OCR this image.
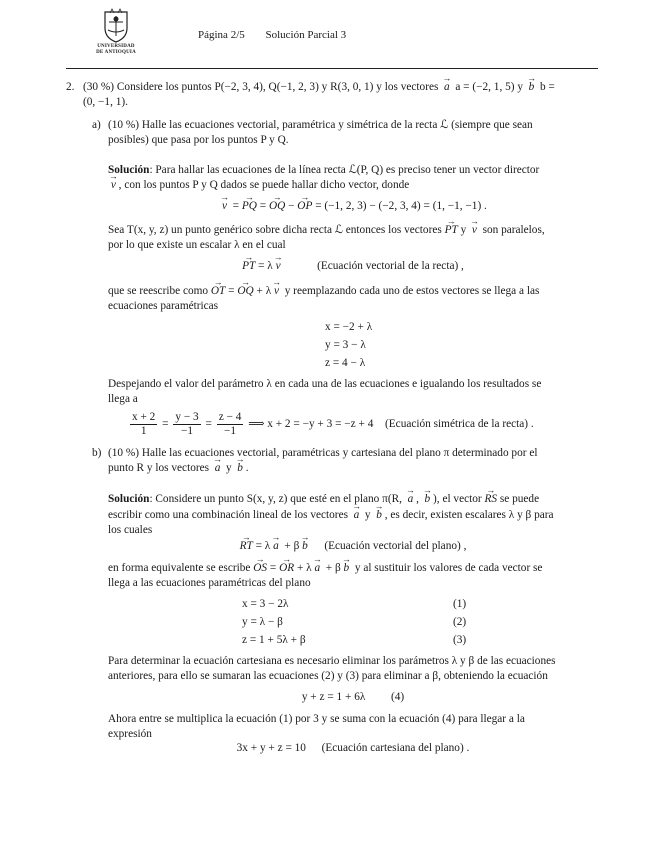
UNIVERSIDAD
DE ANTIOQUIA
Página 2/5 Solución Parcial 3
2. (30 %) Considere los puntos P(−2, 3, 4), Q(−1, 2, 3) y R(3, 0, 1) y los vectores →  a  a = (−2, 1, 5) y →  b  b =
(0, −1, 1).
a) (10 %) Halle las ecuaciones vectorial, paramétrica y simétrica de la recta ℒ (siempre que sean
posibles) que pasa por los puntos P y Q.
Solución: Para hallar las ecuaciones de la línea recta ℒ(P, Q) es preciso tener un vector director
→  v , con los puntos P y Q dados se puede hallar dicho vector, donde
→  v  = → PQ = → OQ − → OP = (−1, 2, 3) − (−2, 3, 4) = (1, −1, −1) .
Sea T(x, y, z) un punto genérico sobre dicha recta ℒ entonces los vectores → PT y →  v  son paralelos,
por lo que existe un escalar λ en el cual
→ PT = λ→  v	(Ecuación vectorial de la recta) ,
que se reescribe como → OT = → OQ + λ→  v  y reemplazando cada uno de estos vectores se llega a las
ecuaciones paramétricas
x = −2 + λ
y = 3 − λ
z = 4 − λ
Despejando el valor del parámetro λ en cada una de las ecuaciones e igualando los resultados se
llega a
$\frac{x + 2}{1} = \frac{y - 3}{-1} = \frac{z - 4}{-1}$ ⟹ x + 2 = −y + 3 = −z + 4 (Ecuación simétrica de la recta) .
b) (10 %) Halle las ecuaciones vectorial, paramétricas y cartesiana del plano π determinado por el
punto R y los vectores →  a  y →  b .
Solución: Considere un punto S(x, y, z) que esté en el plano π(R, →  a , →  b ), el vector → RS se puede
escribir como una combinación lineal de los vectores →  a  y →  b , es decir, existen escalares λ y β para
los cuales
→ RT = λ→  a  + β→  b   (Ecuación vectorial del plano) ,
en forma equivalente se escribe → OS = → OR + λ→  a  + β→  b  y al sustituir los valores de cada vector se
llega a las ecuaciones paramétricas del plano
x = 3 − 2λ	(1)
y = λ − β	(2)
z = 1 + 5λ + β	(3)
Para determinar la ecuación cartesiana es necesario eliminar los parámetros λ y β de las ecuaciones
anteriores, para ello se sumaran las ecuaciones (2) y (3) para eliminar a β, obteniendo la ecuación
y + z = 1 + 6λ (4)
Ahora entre se multiplica la ecuación (1) por 3 y se suma con la ecuación (4) para llegar a la
expresión
3x + y + z = 10 (Ecuación cartesiana del plano) .
